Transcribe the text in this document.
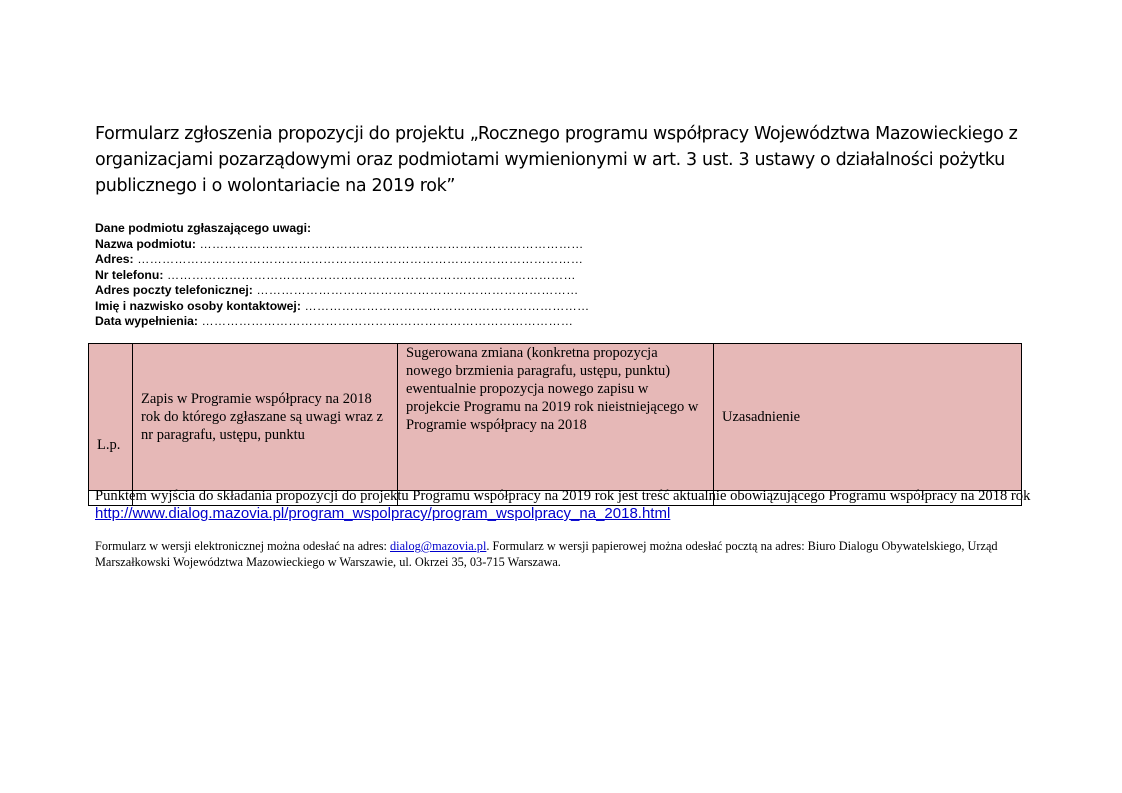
Formularz zgłoszenia propozycji do projektu „Rocznego programu współpracy Województwa Mazowieckiego z organizacjami pozarządowymi oraz podmiotami wymienionymi w art. 3 ust. 3 ustawy o działalności pożytku publicznego i o wolontariacie na 2019 rok”
Dane podmiotu zgłaszającego uwagi:
Nazwa podmiotu: …………………………………………………………………………………
Adres: ………………………………………………………………………………………………
Nr telefonu: ………………………………………………………………………………………
Adres poczty telefonicznej: ……………………………………………………………………
Imię i nazwisko osoby kontaktowej: ……………………………………………………………
Data wypełnienia: ………………………………………………………………………………
L.p.	Zapis w Programie współpracy na 2018 rok do którego zgłaszane są uwagi wraz z nr paragrafu, ustępu, punktu	Sugerowana zmiana (konkretna propozycja nowego brzmienia paragrafu, ustępu, punktu) ewentualnie propozycja nowego zapisu w projekcie Programu na 2019 rok nieistniejącego w Programie współpracy na 2018	Uzasadnienie

Punktem wyjścia do składania propozycji do projektu Programu współpracy na 2019 rok jest treść aktualnie obowiązującego Programu współpracy na 2018 rok http://www.dialog.mazovia.pl/program_wspolpracy/program_wspolpracy_na_2018.html
Formularz w wersji elektronicznej można odesłać na adres: dialog@mazovia.pl. Formularz w wersji papierowej można odesłać pocztą na adres: Biuro Dialogu Obywatelskiego, Urząd Marszałkowski Województwa Mazowieckiego w Warszawie, ul. Okrzei 35, 03-715 Warszawa.
